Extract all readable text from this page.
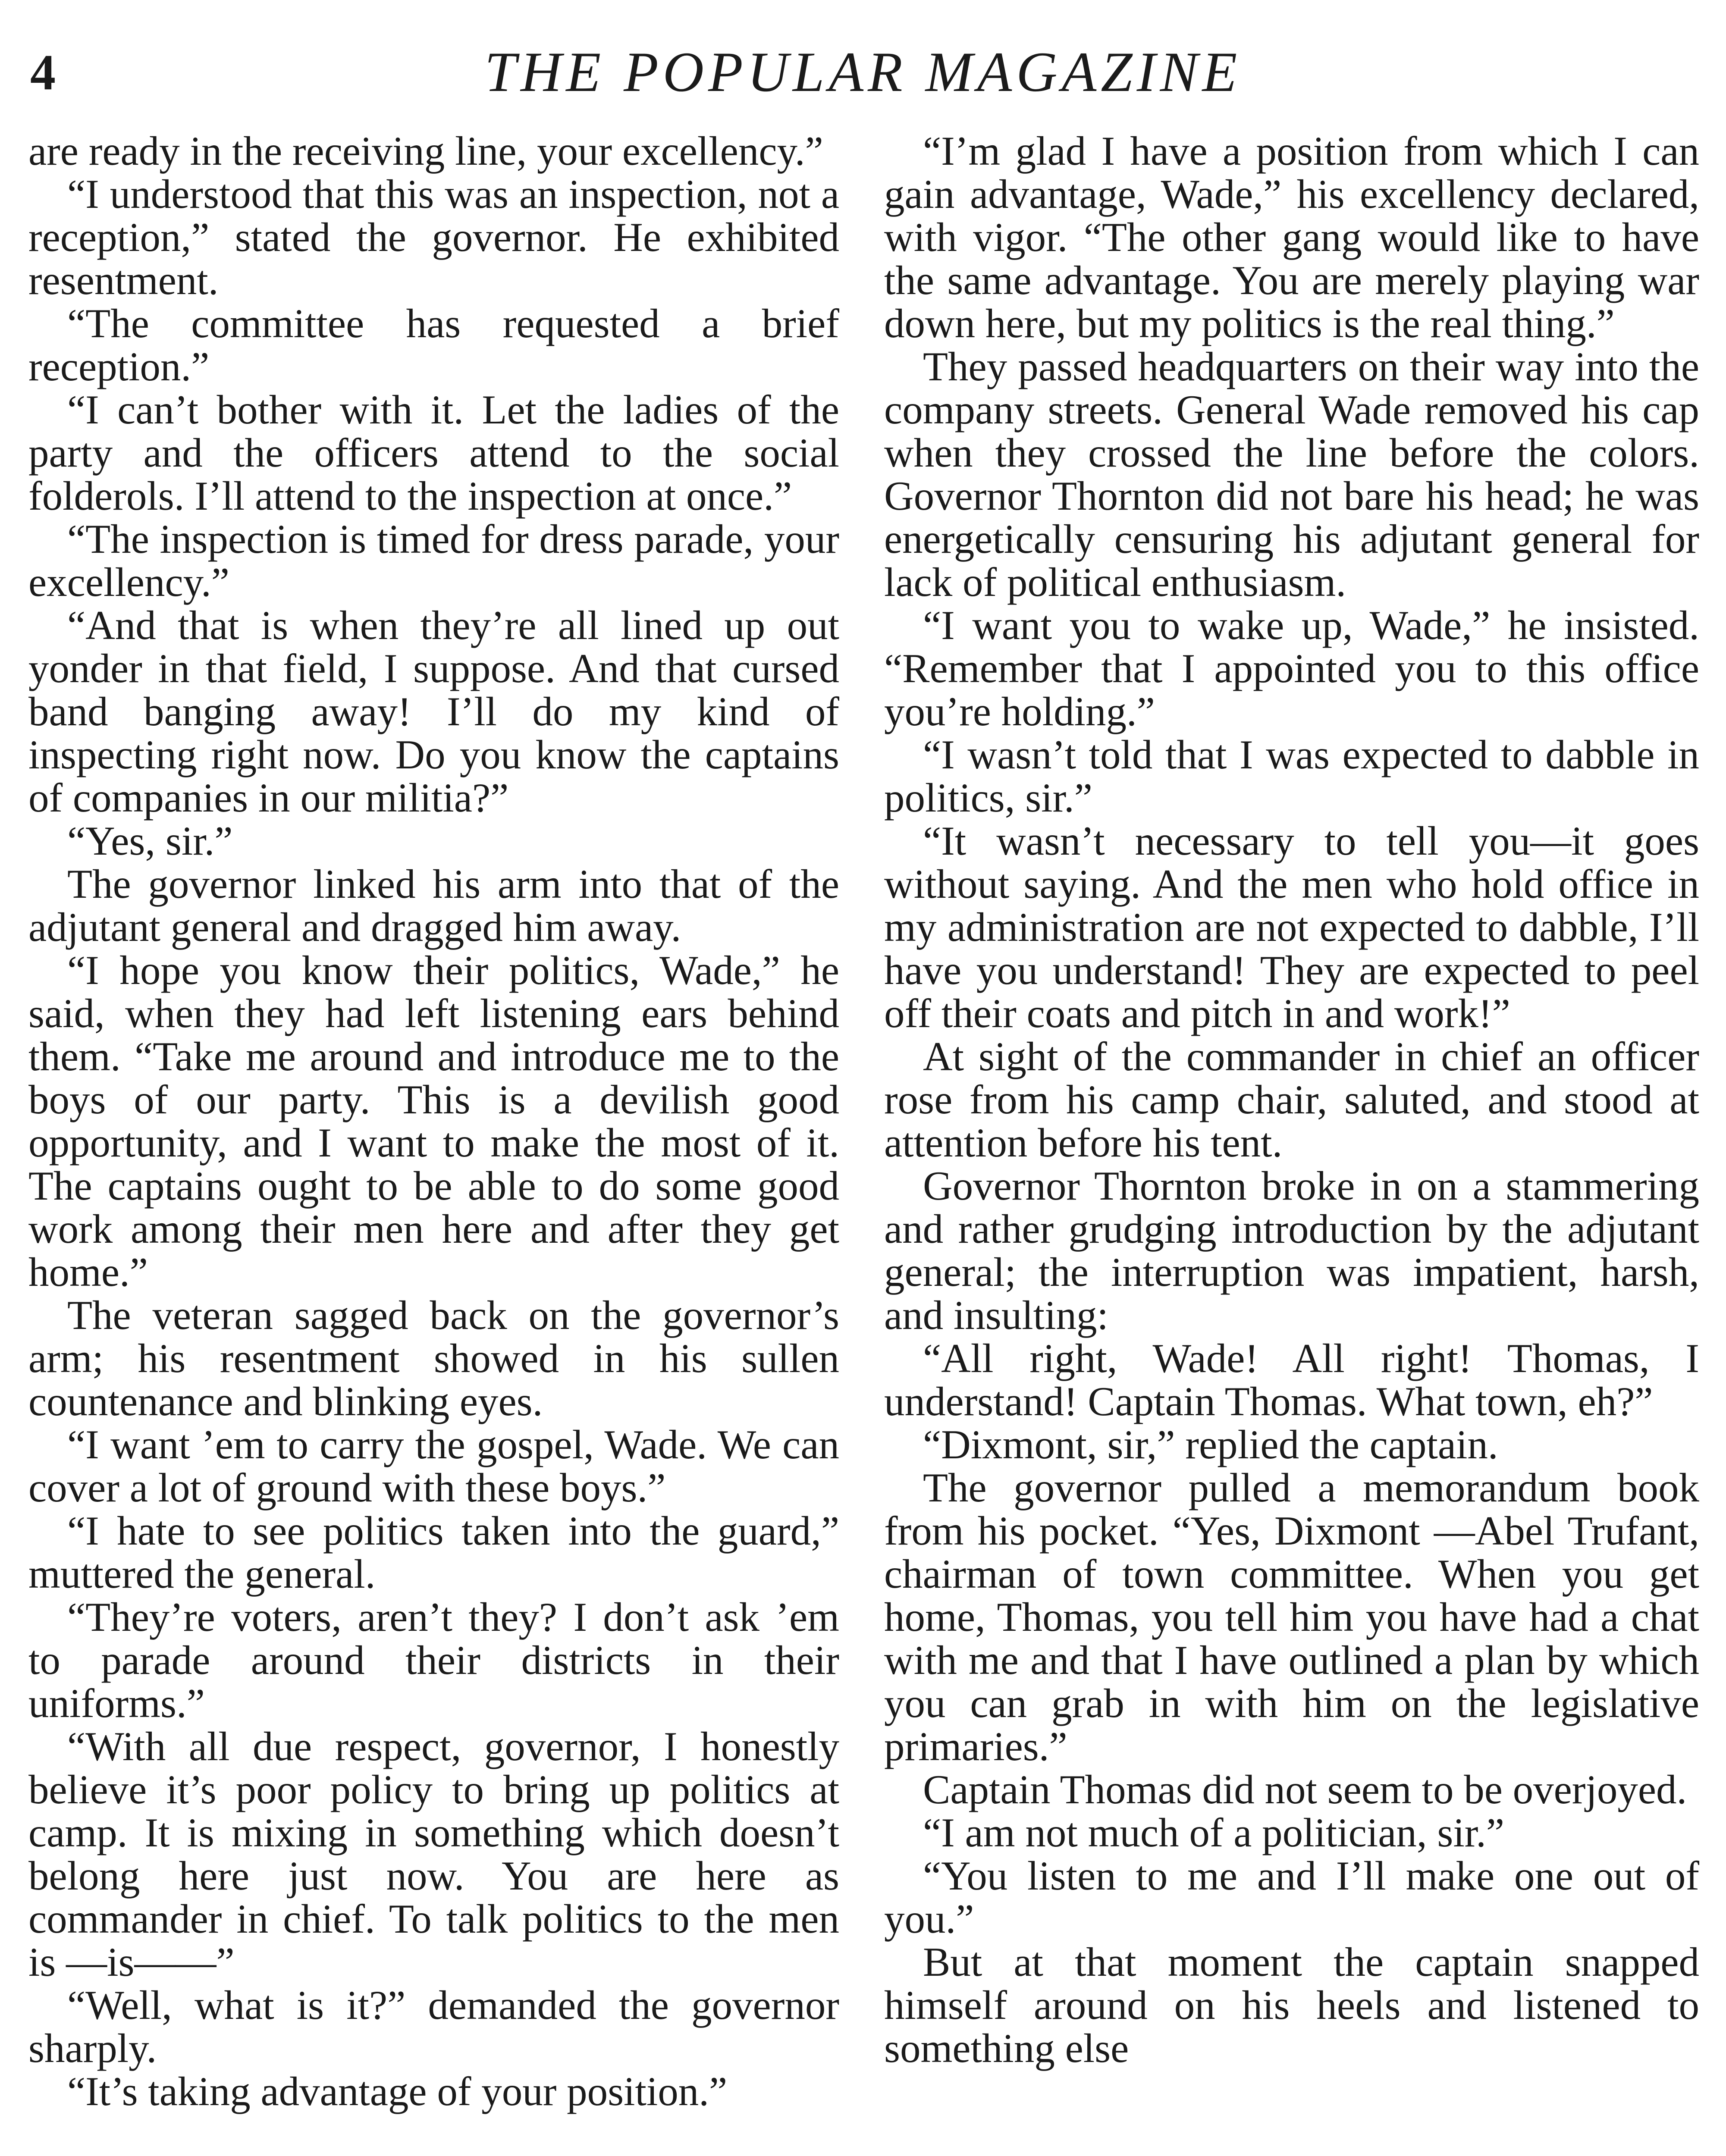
4	THE POPULAR MAGAZINE

are ready in the receiving line, your excellency.”

“I understood that this was an inspection, not a reception,” stated the governor. He exhibited resentment.

“The committee has requested a brief reception.”

“I can’t bother with it. Let the ladies of the party and the officers attend to the social folderols. I’ll attend to the inspection at once.”

“The inspection is timed for dress parade, your excellency.”

“And that is when they’re all lined up out yonder in that field, I suppose. And that cursed band banging away! I’ll do my kind of inspecting right now. Do you know the captains of companies in our militia?”

“Yes, sir.”

The governor linked his arm into that of the adjutant general and dragged him away.

“I hope you know their politics, Wade,” he said, when they had left listening ears behind them. “Take me around and introduce me to the boys of our party. This is a devilish good opportunity, and I want to make the most of it. The captains ought to be able to do some good work among their men here and after they get home.”

The veteran sagged back on the governor’s arm; his resentment showed in his sullen countenance and blinking eyes.

“I want ’em to carry the gospel, Wade. We can cover a lot of ground with these boys.”

“I hate to see politics taken into the guard,” muttered the general.

“They’re voters, aren’t they? I don’t ask ’em to parade around their districts in their uniforms.”

“With all due respect, governor, I honestly believe it’s poor policy to bring up politics at camp. It is mixing in something which doesn’t belong here just now. You are here as commander in chief. To talk politics to the men is —is——”

“Well, what is it?” demanded the governor sharply.

“It’s taking advantage of your position.”

“I’m glad I have a position from which I can gain advantage, Wade,” his excellency declared, with vigor. “The other gang would like to have the same advantage. You are merely playing war down here, but my politics is the real thing.”

They passed headquarters on their way into the company streets. General Wade removed his cap when they crossed the line before the colors. Governor Thornton did not bare his head; he was energetically censuring his adjutant general for lack of political enthusiasm.

“I want you to wake up, Wade,” he insisted. “Remember that I appointed you to this office you’re holding.”

“I wasn’t told that I was expected to dabble in politics, sir.”

“It wasn’t necessary to tell you—it goes without saying. And the men who hold office in my administration are not expected to dabble, I’ll have you understand! They are expected to peel off their coats and pitch in and work!”

At sight of the commander in chief an officer rose from his camp chair, saluted, and stood at attention before his tent.

Governor Thornton broke in on a stammering and rather grudging introduction by the adjutant general; the interruption was impatient, harsh, and insulting:

“All right, Wade! All right! Thomas, I understand! Captain Thomas. What town, eh?”

“Dixmont, sir,” replied the captain.

The governor pulled a memorandum book from his pocket. “Yes, Dixmont —Abel Trufant, chairman of town committee. When you get home, Thomas, you tell him you have had a chat with me and that I have outlined a plan by which you can grab in with him on the legislative primaries.”

Captain Thomas did not seem to be overjoyed.

“I am not much of a politician, sir.”

“You listen to me and I’ll make one out of you.”

But at that moment the captain snapped himself around on his heels and listened to something else
